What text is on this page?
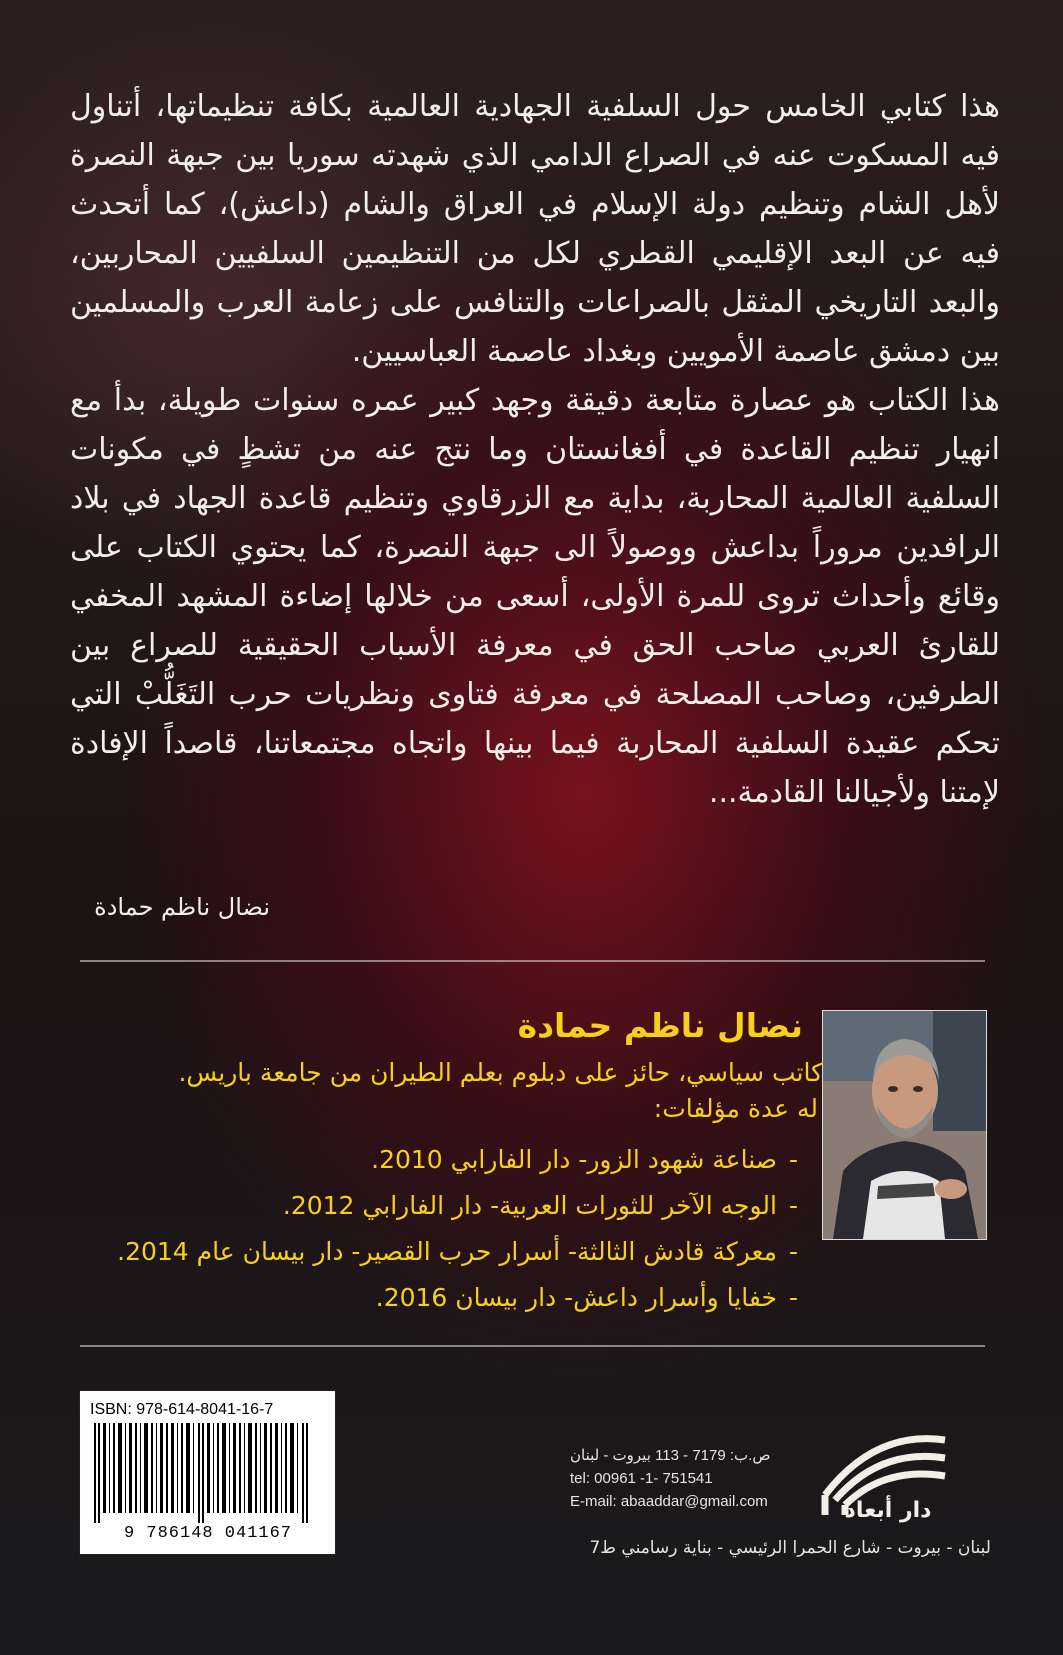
هذا كتابي الخامس حول السلفية الجهادية العالمية بكافة تنظيماتها، أتناول فيه المسكوت عنه في الصراع الدامي الذي شهدته سوريا بين جبهة النصرة لأهل الشام وتنظيم دولة الإسلام في العراق والشام (داعش)، كما أتحدث فيه عن البعد الإقليمي القطري لكل من التنظيمين السلفيين المحاربين، والبعد التاريخي المثقل بالصراعات والتنافس على زعامة العرب والمسلمين بين دمشق عاصمة الأمويين وبغداد عاصمة العباسيين.

هذا الكتاب هو عصارة متابعة دقيقة وجهد كبير عمره سنوات طويلة، بدأ مع انهيار تنظيم القاعدة في أفغانستان وما نتج عنه من تشظٍ في مكونات السلفية العالمية المحاربة، بداية مع الزرقاوي وتنظيم قاعدة الجهاد في بلاد الرافدين مروراً بداعش ووصولاً الى جبهة النصرة، كما يحتوي الكتاب على وقائع وأحداث تروى للمرة الأولى، أسعى من خلالها إضاءة المشهد المخفي للقارئ العربي صاحب الحق في معرفة الأسباب الحقيقية للصراع بين الطرفين، وصاحب المصلحة في معرفة فتاوى ونظريات حرب التَغَلُّبْ التي تحكم عقيدة السلفية المحاربة فيما بينها واتجاه مجتمعاتنا، قاصداً الإفادة لإمتنا ولأجيالنا القادمة...

نضال ناظم حمادة
نضال ناظم حمادة
كاتب سياسي، حائز على دبلوم بعلم الطيران من جامعة باريس.
له عدة مؤلفات:
-صناعة شهود الزور- دار الفارابي 2010.
-الوجه الآخر للثورات العربية- دار الفارابي 2012.
-معركة قادش الثالثة- أسرار حرب القصير- دار بيسان عام 2014.
-خفايا وأسرار داعش- دار بيسان 2016.
ISBN: 978-614-8041-16-7
9 786148 041167
ص.ب: 7179 - 113 بيروت - لبنان
tel: 00961 -1- 751541
E-mail: abaaddar@gmail.com
لبنان - بيروت - شارع الحمرا الرئيسي - بناية رسامني ط7
دار أبعاد
